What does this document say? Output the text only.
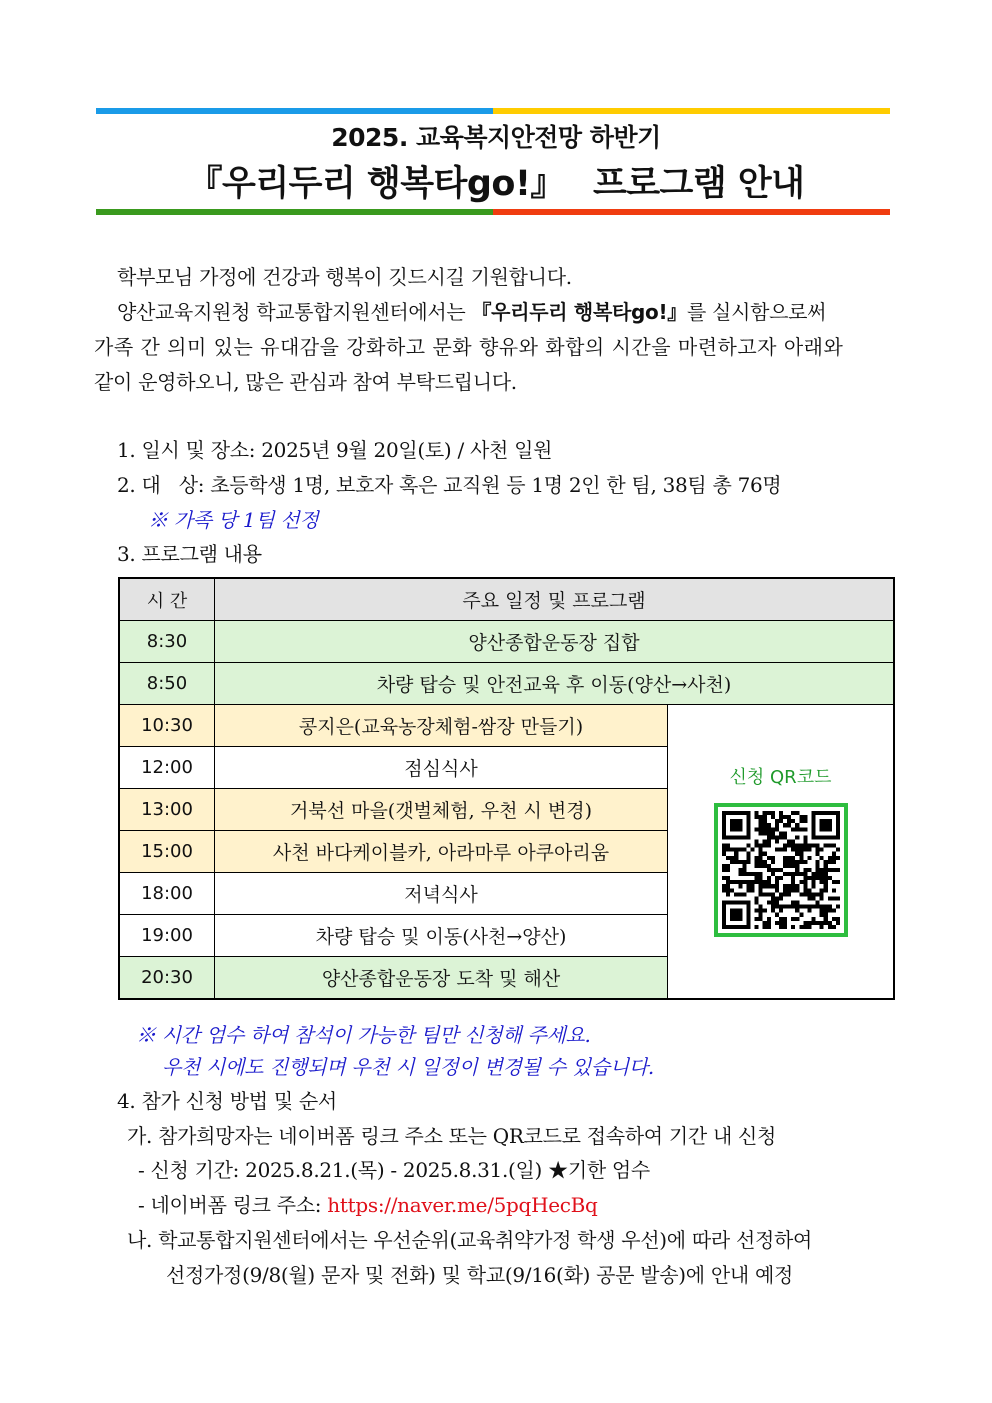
2025. 교육복지안전망 하반기
『우리두리 행복타go!』 프로그램 안내
학부모님 가정에 건강과 행복이 깃드시길 기원합니다.
양산교육지원청 학교통합지원센터에서는 『우리두리 행복타go!』를 실시함으로써
가족 간 의미 있는 유대감을 강화하고 문화 향유와 화합의 시간을 마련하고자 아래와
같이 운영하오니, 많은 관심과 참여 부탁드립니다.
1. 일시 및 장소: 2025년 9월 20일(토) / 사천 일원
2. 대   상: 초등학생 1명, 보호자 혹은 교직원 등 1명 2인 한 팀, 38팀 총 76명
※ 가족 당 1팀 선정
3. 프로그램 내용
시 간	주요 일정 및 프로그램	
8:30	양산종합운동장 집합	
8:50	차량 탑승 및 안전교육 후 이동(양산→사천)	
10:30	콩지은(교육농장체험-쌈장 만들기)	신청 QR코드

12:00	점심식사	
13:00	거북선 마을(갯벌체험, 우천 시 변경)	
15:00	사천 바다케이블카, 아라마루 아쿠아리움	
18:00	저녁식사	
19:00	차량 탑승 및 이동(사천→양산)	
20:30	양산종합운동장 도착 및 해산	
※ 시간 엄수 하여 참석이 가능한 팀만 신청해 주세요.
우천 시에도 진행되며 우천 시 일정이 변경될 수 있습니다.
4. 참가 신청 방법 및 순서
가. 참가희망자는 네이버폼 링크 주소 또는 QR코드로 접속하여 기간 내 신청
- 신청 기간: 2025.8.21.(목) - 2025.8.31.(일) ★기한 엄수
- 네이버폼 링크 주소: https://naver.me/5pqHecBq
나. 학교통합지원센터에서는 우선순위(교육취약가정 학생 우선)에 따라 선정하여
선정가정(9/8(월) 문자 및 전화) 및 학교(9/16(화) 공문 발송)에 안내 예정
